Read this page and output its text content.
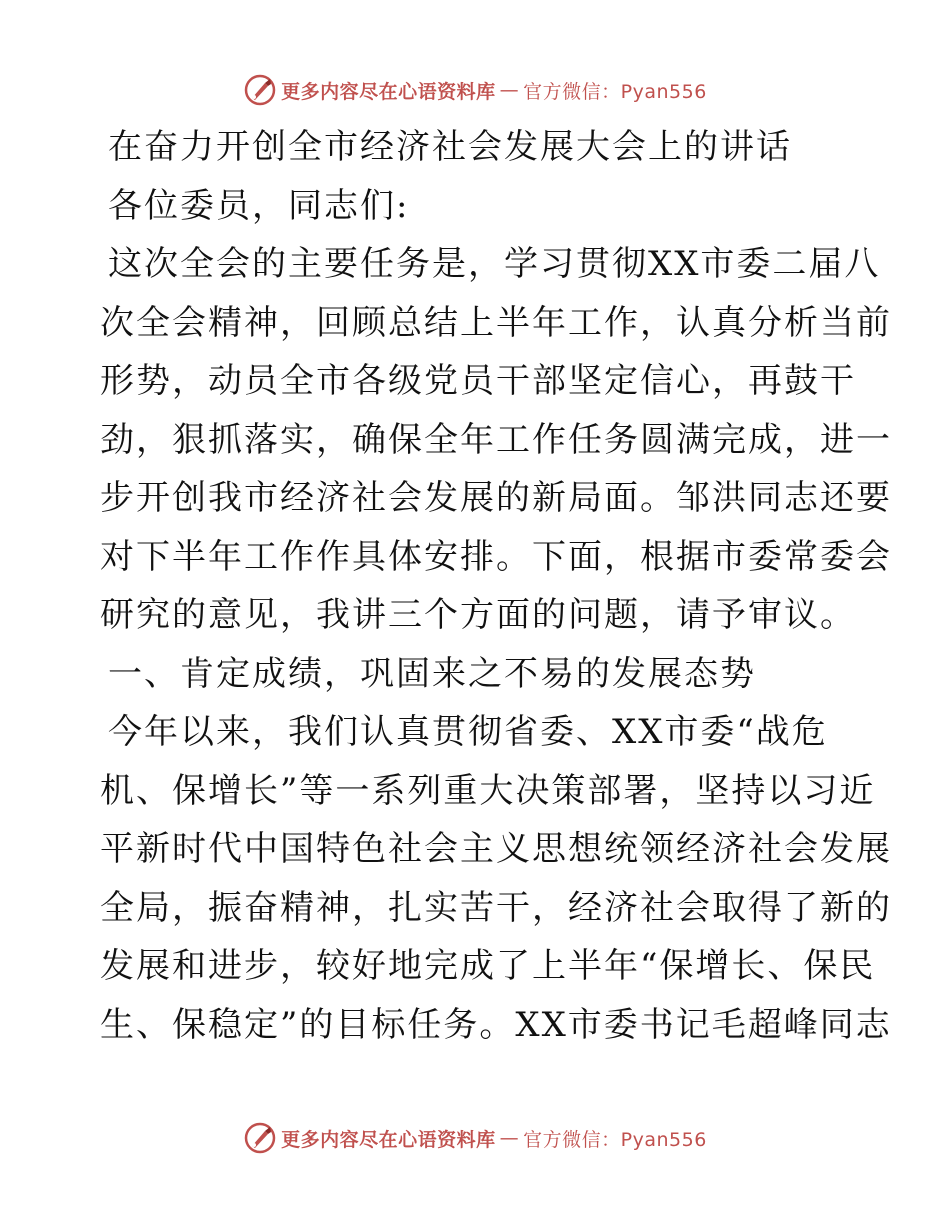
更多内容尽在心语资料库 — 官方微信：Pyan556
在奋力开创全市经济社会发展大会上的讲话
各位委员，同志们:
这次全会的主要任务是，学习贯彻XX市委二届八
次全会精神，回顾总结上半年工作，认真分析当前
形势，动员全市各级党员干部坚定信心，再鼓干
劲，狠抓落实，确保全年工作任务圆满完成，进一
步开创我市经济社会发展的新局面。邹洪同志还要
对下半年工作作具体安排。下面，根据市委常委会
研究的意见，我讲三个方面的问题，请予审议。
一、肯定成绩，巩固来之不易的发展态势
今年以来，我们认真贯彻省委、XX市委“战危
机、保增长”等一系列重大决策部署，坚持以习近
平新时代中国特色社会主义思想统领经济社会发展
全局，振奋精神，扎实苦干，经济社会取得了新的
发展和进步，较好地完成了上半年“保增长、保民
生、保稳定”的目标任务。XX市委书记毛超峰同志
更多内容尽在心语资料库 — 官方微信：Pyan556
